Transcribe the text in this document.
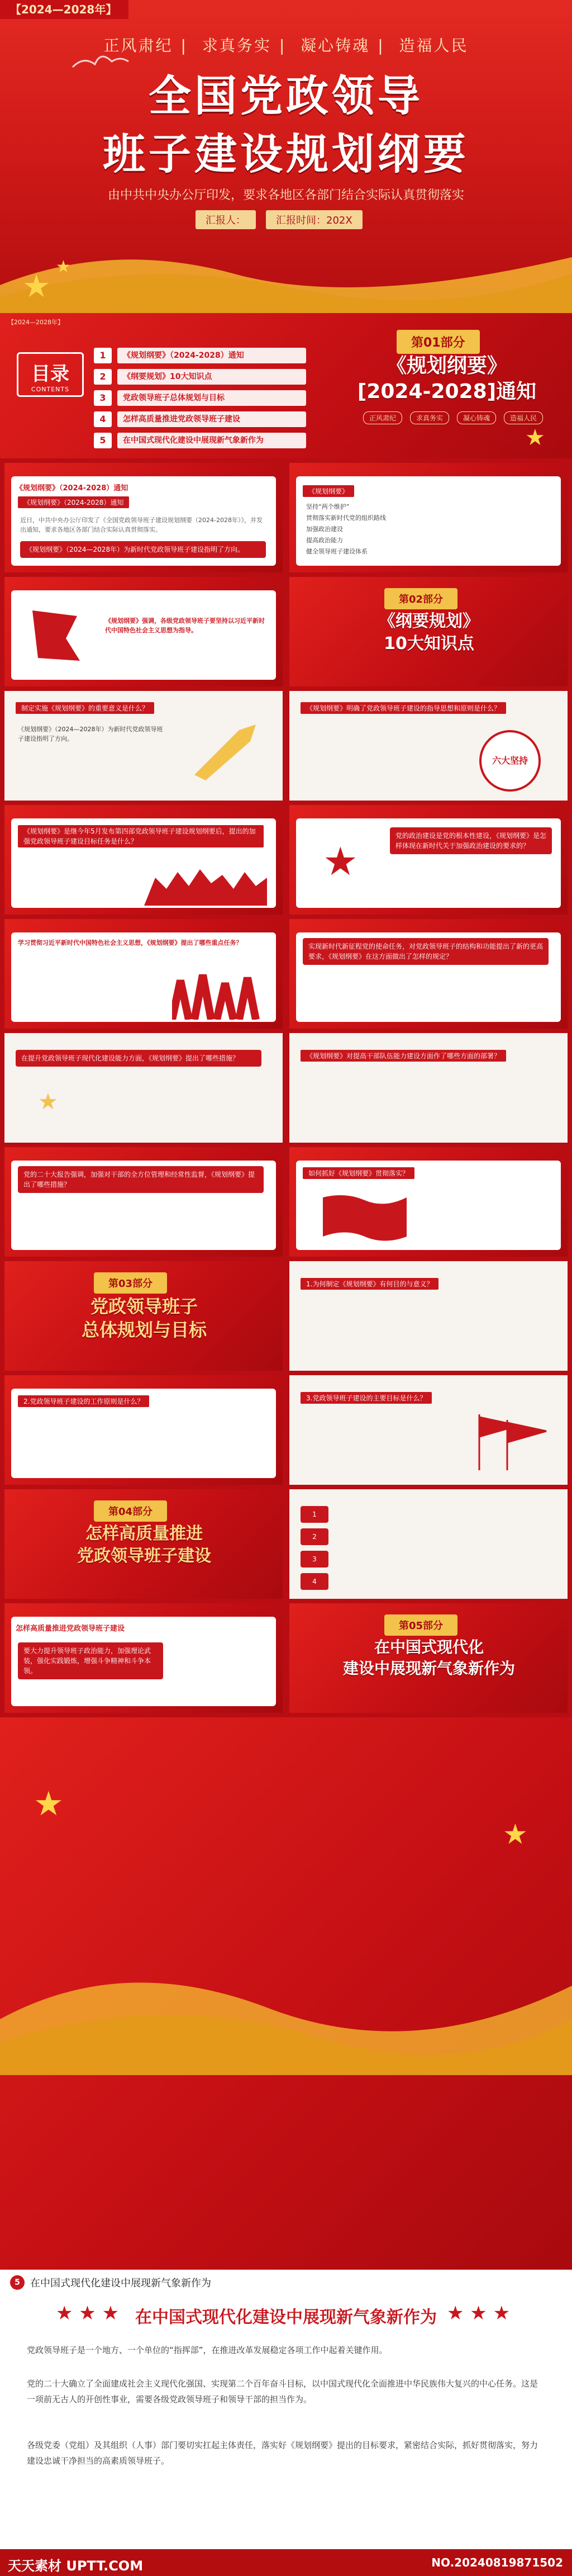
【2024—2028年】
正风肃纪 | 求真务实 | 凝心铸魂 | 造福人民
全国党政领导
班子建设规划纲要
由中共中央办公厅印发，要求各地区各部门结合实际认真贯彻落实
汇报人：	汇报时间：202X
★
★
【2024—2028年】
目录
CONTENTS
1	《规划纲要》（2024-2028）通知
2	《纲要规划》10大知识点
3	党政领导班子总体规划与目标
4	怎样高质量推进党政领导班子建设
5	在中国式现代化建设中展现新气象新作为
第01部分
《规划纲要》
[2024-2028]通知
正风肃纪	求真务实	凝心铸魂	造福人民
★
《规划纲要》（2024-2028）通知
《规划纲要》（2024-2028）通知
近日，中共中央办公厅印发了《全国党政领导班子建设规划纲要（2024-2028年）》，并发出通知，要求各地区各部门结合实际认真贯彻落实。
《规划纲要》（2024—2028年）为新时代党政领导班子建设指明了方向。
《规划纲要》
坚持“两个维护”
贯彻落实新时代党的组织路线
加强政治建设
提高政治能力
健全领导班子建设体系
《规划纲要》强调，各级党政领导班子要坚持以习近平新时代中国特色社会主义思想为指导。
第02部分
《纲要规划》
10大知识点
制定实施《规划纲要》的重要意义是什么？
《规划纲要》（2024—2028年）为新时代党政领导班子建设指明了方向。
《规划纲要》明确了党政领导班子建设的指导思想和原则是什么？
六大坚持
《规划纲要》是继今年5月发布第四部党政领导班子建设规划纲要后，提出的加强党政领导班子建设目标任务是什么？
党的政治建设是党的根本性建设，《规划纲要》是怎样体现在新时代关于加强政治建设的要求的？
★
学习贯彻习近平新时代中国特色社会主义思想，《规划纲要》提出了哪些重点任务？	实现新时代新征程党的使命任务，对党政领导班子的结构和功能提出了新的更高要求，《规划纲要》在这方面做出了怎样的规定？
在提升党政领导班子现代化建设能力方面，《规划纲要》提出了哪些措施？
★
《规划纲要》对提高干部队伍能力建设方面作了哪些方面的部署？
党的二十大报告强调，加强对干部的全方位管理和经常性监督，《规划纲要》提出了哪些措施？
如何抓好《规划纲要》贯彻落实？
第03部分
党政领导班子
总体规划与目标
1.为何制定《规划纲要》有何目的与意义？
2.党政领导班子建设的工作原则是什么？	3.党政领导班子建设的主要目标是什么？
第04部分
怎样高质量推进
党政领导班子建设
1
2
3
4
怎样高质量推进党政领导班子建设
要大力提升领导班子政治能力，加强理论武装，强化实践锻炼，增强斗争精神和斗争本领。
第05部分
在中国式现代化
建设中展现新气象新作为
★
★
5	在中国式现代化建设中展现新气象新作为
★ ★ ★	★ ★ ★
在中国式现代化建设中展现新气象新作为
党政领导班子是一个地方、一个单位的“指挥部”，在推进改革发展稳定各项工作中起着关键作用。
党的二十大确立了全面建成社会主义现代化强国、实现第二个百年奋斗目标，以中国式现代化全面推进中华民族伟大复兴的中心任务。这是一项前无古人的开创性事业，需要各级党政领导班子和领导干部的担当作为。
各级党委（党组）及其组织（人事）部门要切实扛起主体责任，落实好《规划纲要》提出的目标要求，紧密结合实际，抓好贯彻落实，努力建设忠诚干净担当的高素质领导班子。
天天素材 UPTT.COM	NO.20240819871502
